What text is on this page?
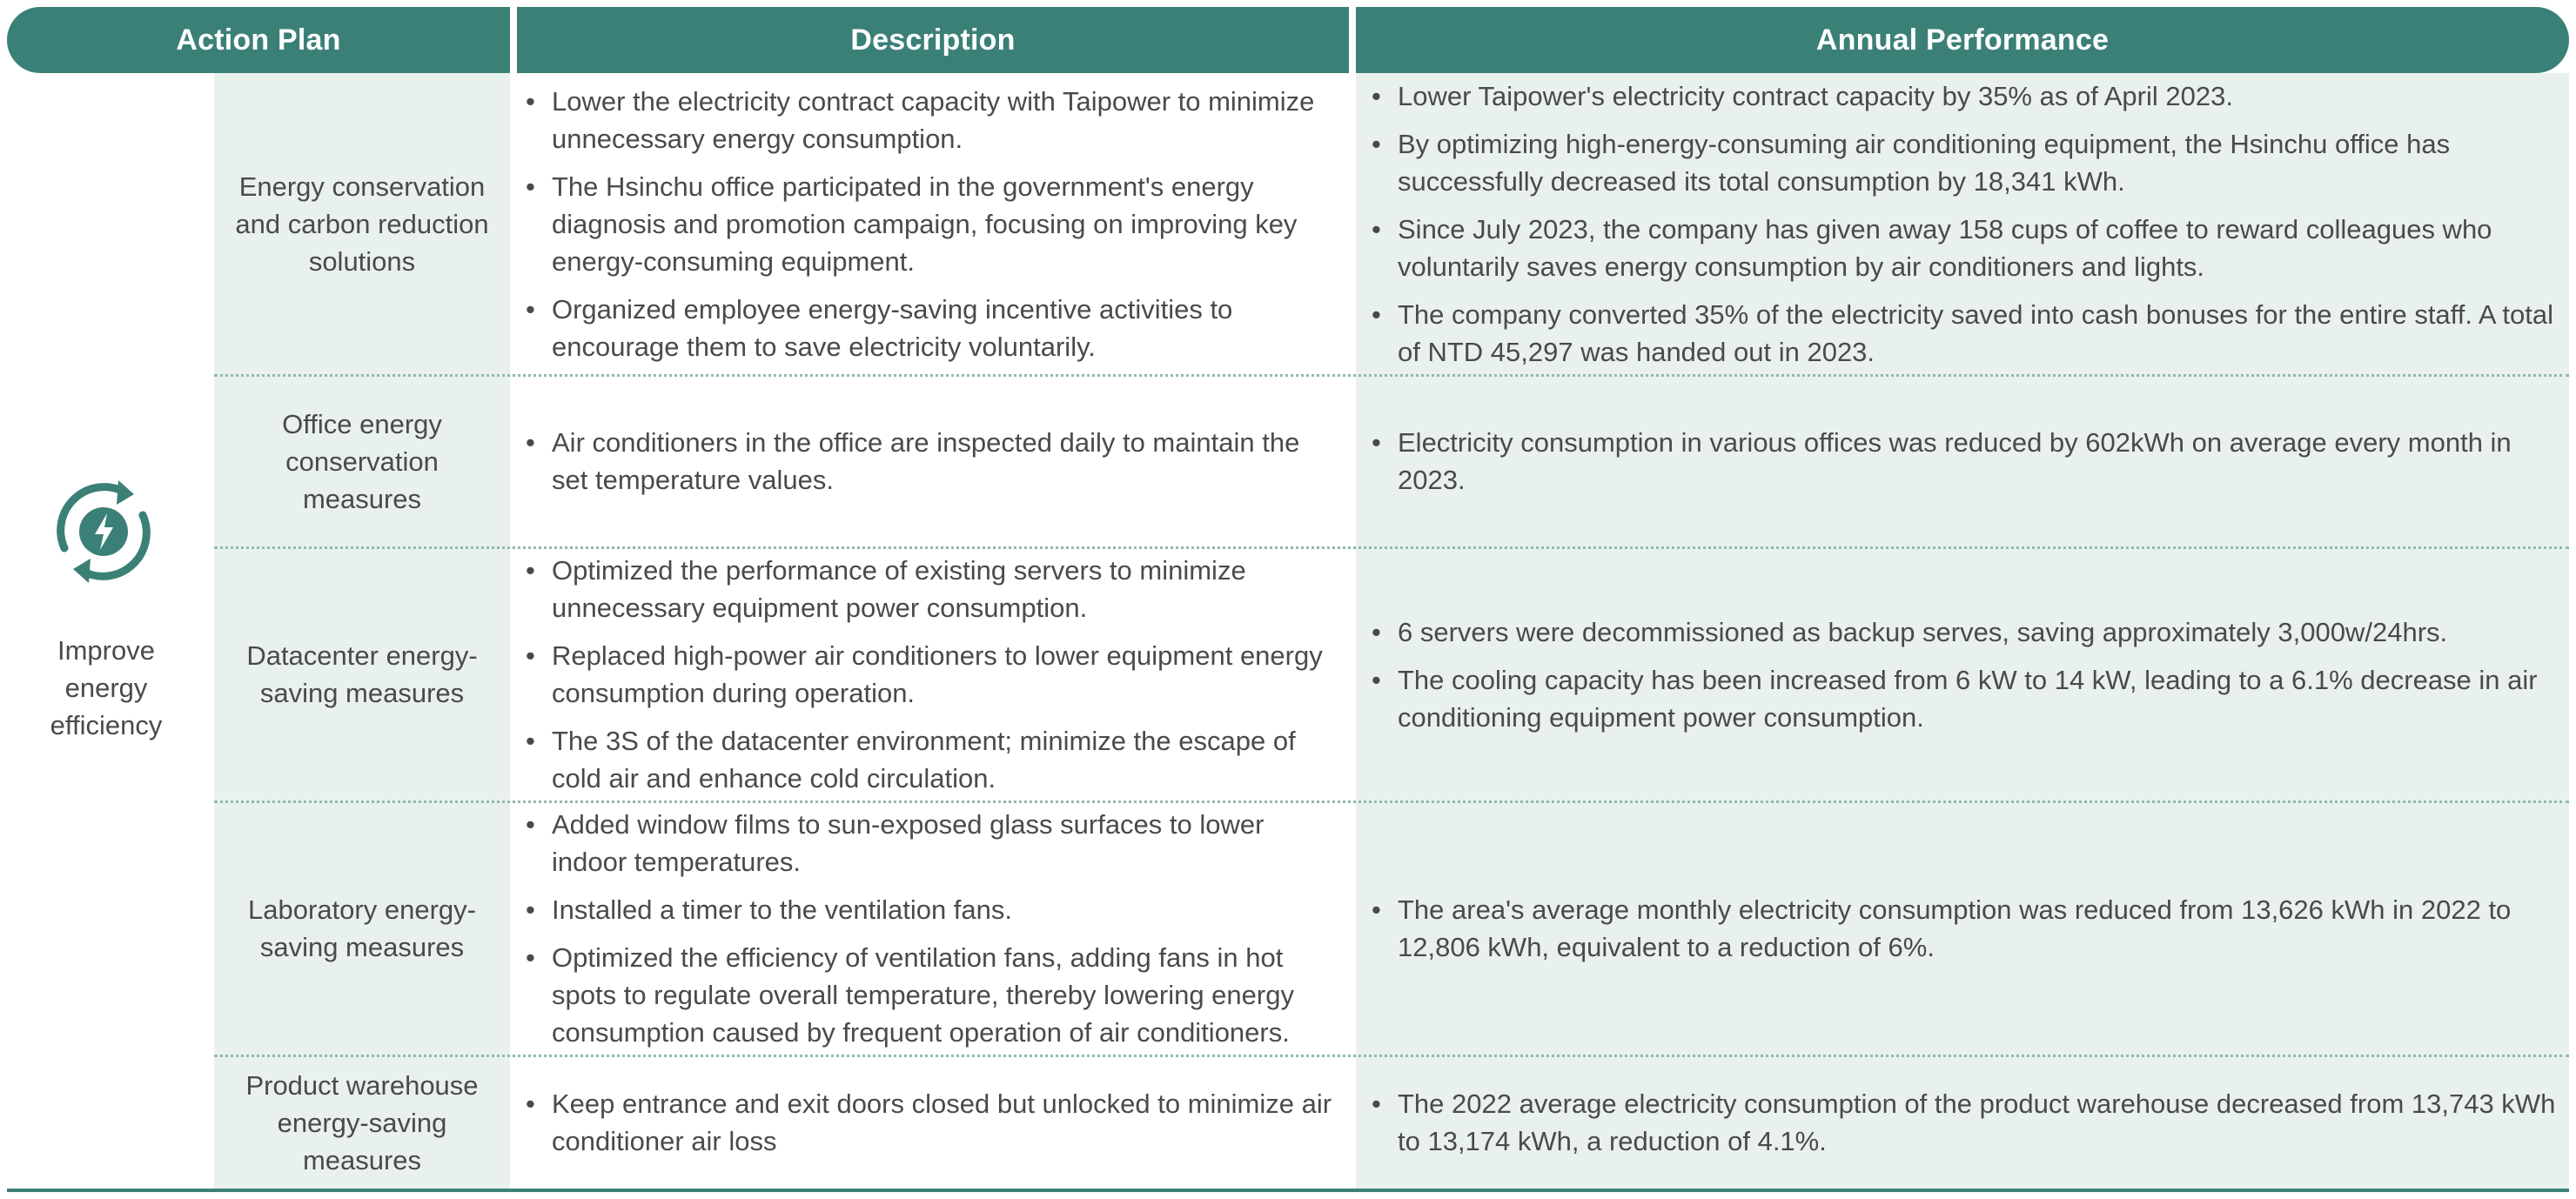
Action Plan	Description	Annual Performance
Improve energy efficiency
Energy conservation and carbon reduction solutions
• Lower the electricity contract capacity with Taipower to minimize unnecessary energy consumption.
• The Hsinchu office participated in the government's energy diagnosis and promotion campaign, focusing on improving key energy-consuming equipment.
• Organized employee energy-saving incentive activities to encourage them to save electricity voluntarily.
• Lower Taipower's electricity contract capacity by 35% as of April 2023.
• By optimizing high-energy-consuming air conditioning equipment, the Hsinchu office has successfully decreased its total consumption by 18,341 kWh.
• Since July 2023, the company has given away 158 cups of coffee to reward colleagues who voluntarily saves energy consumption by air conditioners and lights.
• The company converted 35% of the electricity saved into cash bonuses for the entire staff. A total of NTD 45,297 was handed out in 2023.
Office energy conservation measures
• Air conditioners in the office are inspected daily to maintain the set temperature values.
• Electricity consumption in various offices was reduced by 602kWh on average every month in 2023.
Datacenter energy-saving measures
• Optimized the performance of existing servers to minimize unnecessary equipment power consumption.
• Replaced high-power air conditioners to lower equipment energy consumption during operation.
• The 3S of the datacenter environment; minimize the escape of cold air and enhance cold circulation.
• 6 servers were decommissioned as backup serves, saving approximately 3,000w/24hrs.
• The cooling capacity has been increased from 6 kW to 14 kW, leading to a 6.1% decrease in air conditioning equipment power consumption.
Laboratory energy-saving measures
• Added window films to sun-exposed glass surfaces to lower indoor temperatures.
• Installed a timer to the ventilation fans.
• Optimized the efficiency of ventilation fans, adding fans in hot spots to regulate overall temperature, thereby lowering energy consumption caused by frequent operation of air conditioners.
• The area's average monthly electricity consumption was reduced from 13,626 kWh in 2022 to 12,806 kWh, equivalent to a reduction of 6%.
Product warehouse energy-saving measures
• Keep entrance and exit doors closed but unlocked to minimize air conditioner air loss
• The 2022 average electricity consumption of the product warehouse decreased from 13,743 kWh to 13,174 kWh, a reduction of 4.1%.
